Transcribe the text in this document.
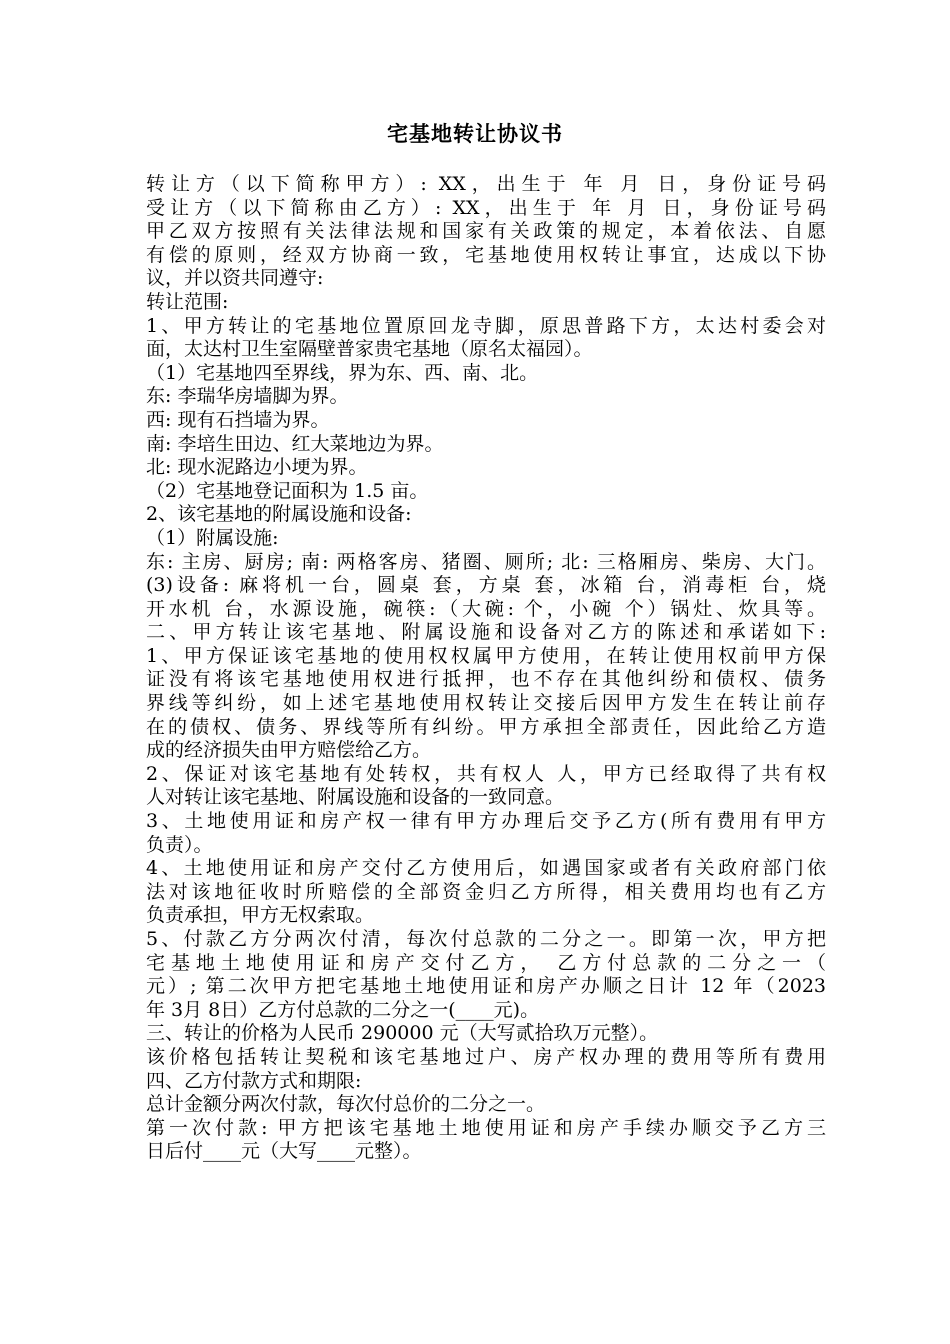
宅基地转让协议书
转让方（以下简称甲方）: XX，出生于 年 月 日，身份证号码
受让方（以下简称由乙方）: XX，出生于 年 月 日，身份证号码
甲乙双方按照有关法律法规和国家有关政策的规定，本着依法、自愿
有偿的原则，经双方协商一致，宅基地使用权转让事宜，达成以下协
议，并以资共同遵守:
转让范围:
1、甲方转让的宅基地位置原回龙寺脚，原思普路下方，太达村委会对
面，太达村卫生室隔壁普家贵宅基地（原名太福园）。
（1）宅基地四至界线，界为东、西、南、北。
东: 李瑞华房墙脚为界。
西: 现有石挡墙为界。
南: 李培生田边、红大菜地边为界。
北: 现水泥路边小埂为界。
（2）宅基地登记面积为 1.5 亩。
2、该宅基地的附属设施和设备:
（1）附属设施:
东: 主房、厨房; 南: 两格客房、猪圈、厕所; 北: 三格厢房、柴房、大门。
(3)设备: 麻将机一台，圆桌 套，方桌 套，冰箱 台，消毒柜 台，烧
开水机 台，水源设施，碗筷:（大碗: 个，小碗 个）锅灶、炊具等。
二、甲方转让该宅基地、附属设施和设备对乙方的陈述和承诺如下:
1、甲方保证该宅基地的使用权权属甲方使用，在转让使用权前甲方保
证没有将该宅基地使用权进行抵押，也不存在其他纠纷和债权、债务
界线等纠纷，如上述宅基地使用权转让交接后因甲方发生在转让前存
在的债权、债务、界线等所有纠纷。甲方承担全部责任，因此给乙方造
成的经济损失由甲方赔偿给乙方。
2、保证对该宅基地有处转权，共有权人 人，甲方已经取得了共有权
人对转让该宅基地、附属设施和设备的一致同意。
3、土地使用证和房产权一律有甲方办理后交予乙方(所有费用有甲方
负责）。
4、土地使用证和房产交付乙方使用后，如遇国家或者有关政府部门依
法对该地征收时所赔偿的全部资金归乙方所得，相关费用均也有乙方
负责承担，甲方无权索取。
5、付款乙方分两次付清，每次付总款的二分之一。即第一次，甲方把
宅基地土地使用证和房产交付乙方， 乙方付总款的二分之一（
元）; 第二次甲方把宅基地土地使用证和房产办顺之日计 12 年（2023
年 3月 8日）乙方付总款的二分之一(____元)。
三、转让的价格为人民币 290000 元（大写贰拾玖万元整）。
该价格包括转让契税和该宅基地过户、房产权办理的费用等所有费用
四、乙方付款方式和期限:
总计金额分两次付款，每次付总价的二分之一。
第一次付款: 甲方把该宅基地土地使用证和房产手续办顺交予乙方三
日后付____元（大写____元整）。
